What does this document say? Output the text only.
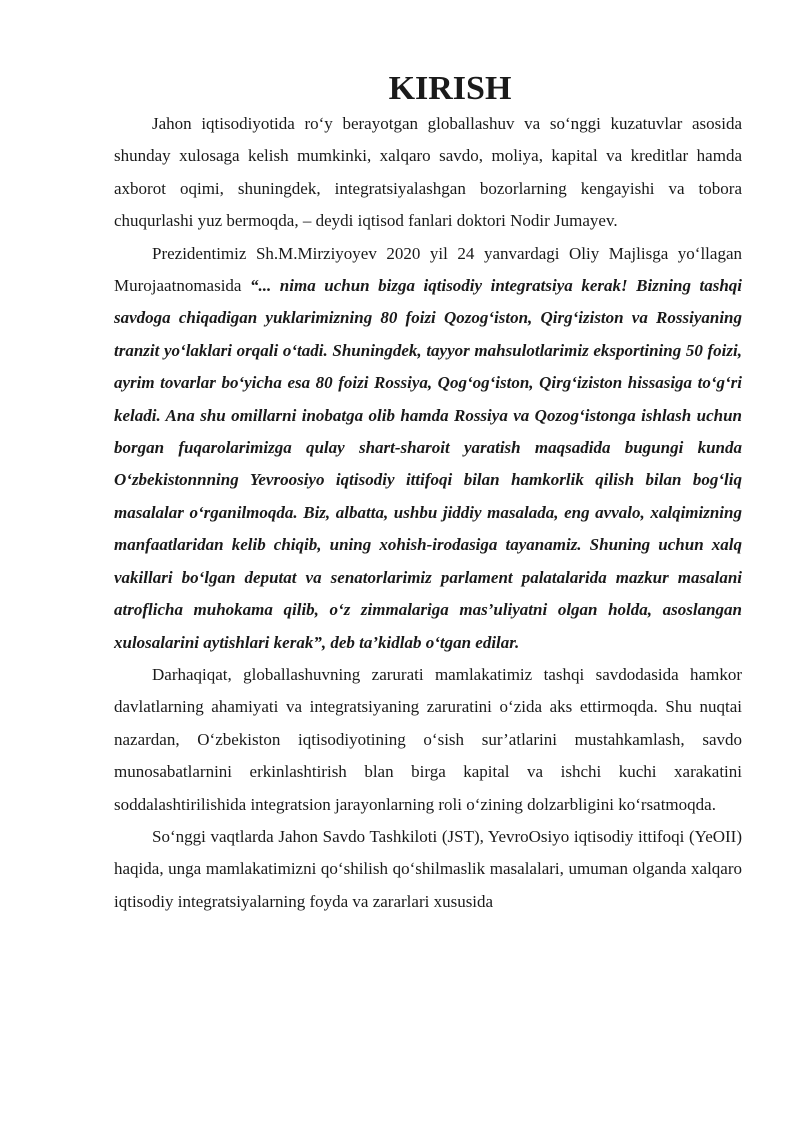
KIRISH

Jahon iqtisodiyotida ro‘y berayotgan globallashuv va so‘nggi kuzatuvlar asosida shunday xulosaga kelish mumkinki, xalqaro savdo, moliya, kapital va kreditlar hamda axborot oqimi, shuningdek, integratsiyalashgan bozorlarning kengayishi va tobora chuqurlashi yuz bermoqda, – deydi iqtisod fanlari doktori Nodir Jumayev.

Prezidentimiz Sh.M.Mirziyoyev 2020 yil 24 yanvardagi Oliy Majlisga yo‘llagan Murojaatnomasida “... nima uchun bizga iqtisodiy integratsiya kerak! Bizning tashqi savdoga chiqadigan yuklarimizning 80 foizi Qozog‘iston, Qirg‘iziston va Rossiyaning tranzit yo‘laklari orqali o‘tadi. Shuningdek, tayyor mahsulotlarimiz eksportining 50 foizi, ayrim tovarlar bo‘yicha esa 80 foizi Rossiya, Qog‘og‘iston, Qirg‘iziston hissasiga to‘g‘ri keladi. Ana shu omillarni inobatga olib hamda Rossiya va Qozog‘istonga ishlash uchun borgan fuqarolarimizga qulay shart-sharoit yaratish maqsadida bugungi kunda O‘zbekistonnning Yevroosiyo iqtisodiy ittifoqi bilan hamkorlik qilish bilan bog‘liq masalalar o‘rganilmoqda. Biz, albatta, ushbu jiddiy masalada, eng avvalo, xalqimizning manfaatlaridan kelib chiqib, uning xohish-irodasiga tayanamiz. Shuning uchun xalq vakillari bo‘lgan deputat va senatorlarimiz parlament palatalarida mazkur masalani atroflicha muhokama qilib, o‘z zimmalariga mas’uliyatni olgan holda, asoslangan xulosalarini aytishlari kerak”, deb ta’kidlab o‘tgan edilar.

Darhaqiqat, globallashuvning zarurati mamlakatimiz tashqi savdodasida hamkor davlatlarning ahamiyati va integratsiyaning zaruratini o‘zida aks ettirmoqda. Shu nuqtai nazardan, O‘zbekiston iqtisodiyotining o‘sish sur’atlarini mustahkamlash, savdo munosabatlarnini erkinlashtirish blan birga kapital va ishchi kuchi xarakatini soddalashtirilishida integratsion jarayonlarning roli o‘zining dolzarbligini ko‘rsatmoqda.

So‘nggi vaqtlarda Jahon Savdo Tashkiloti (JST), YevroOsiyo iqtisodiy ittifoqi (YeOII) haqida, unga mamlakatimizni qo‘shilish qo‘shilmaslik masalalari, umuman olganda xalqaro iqtisodiy integratsiyalarning foyda va zararlari xususida
